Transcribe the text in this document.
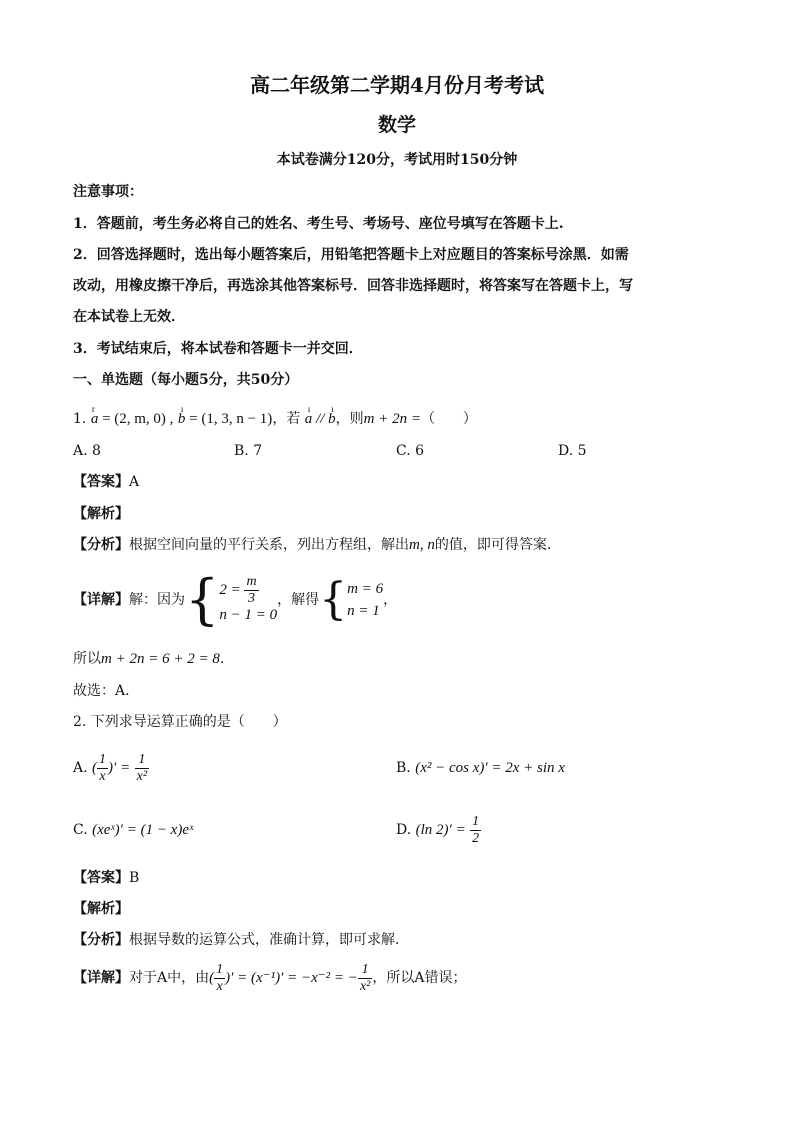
高二年级第二学期4月份月考考试
数学
本试卷满分120分，考试用时150分钟
注意事项：
1．答题前，考生务必将自己的姓名、考生号、考场号、座位号填写在答题卡上.
2．回答选择题时，选出每小题答案后，用铅笔把答题卡上对应题目的答案标号涂黑．如需
改动，用橡皮擦干净后，再选涂其他答案标号．回答非选择题时，将答案写在答题卡上，写
在本试卷上无效．
3．考试结束后，将本试卷和答题卡一并交回．
一、单选题（每小题5分，共50分）
1. r a = (2, m, 0) , ı b = (1, 3, n − 1)，若 ı a // ı b，则m + 2n =（　　）
A. 8	B. 7	C. 6	D. 5
【答案】A
【解析】
【分析】根据空间向量的平行关系，列出方程组，解出m, n的值，即可得答案.
【详解】解：因为{ $2 = \frac{m}{3}$
n − 1 = 0
，解得{ m = 6
n = 1
，
所以m + 2n = 6 + 2 = 8.
故选：A.
2. 下列求导运算正确的是（　　）
A. ( $\frac{1}{x}$ )′ = $\frac{1}{\text{x²}}$	B. (x² − cos x)′ = 2x + sin x
C. (xeˣ)′ = (1 − x)eˣ	D. (ln $2)' = \frac{1}{2}$
【答案】B
【解析】
【分析】根据导数的运算公式，准确计算，即可求解.
【详解】对于A中，由( $\frac{1}{x}$ )′ = (x⁻¹)′ = −x⁻² = − $\frac{1}{\text{x²}}$ ，所以A错误；
